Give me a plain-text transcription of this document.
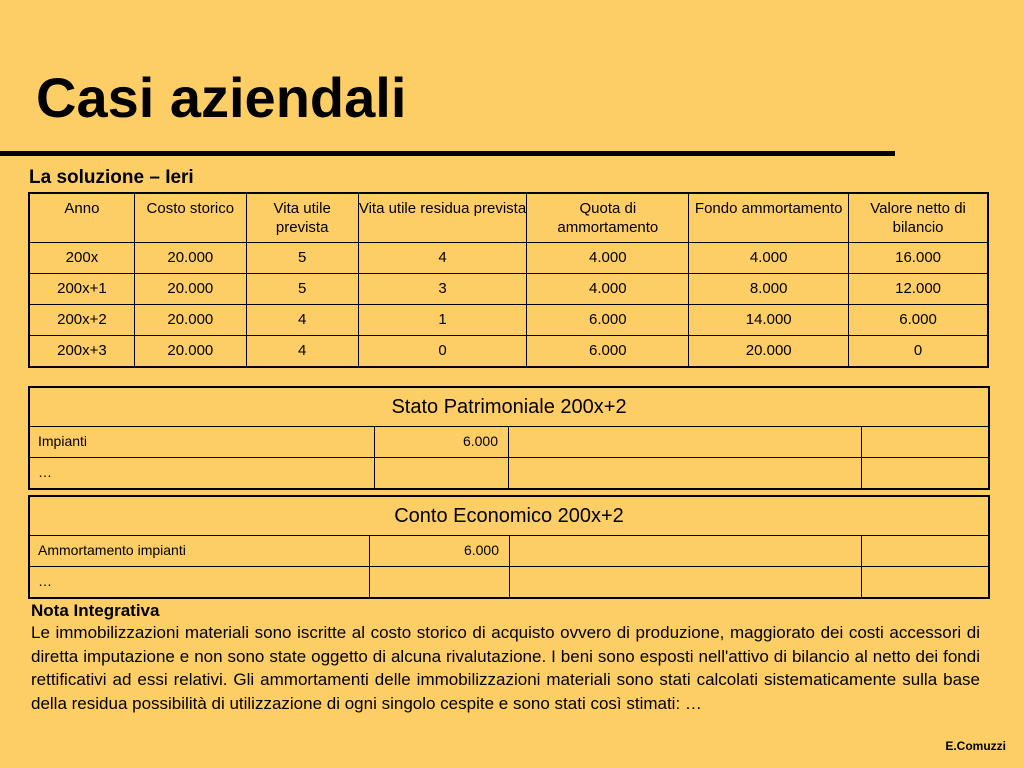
Casi aziendali
La soluzione – Ieri
Anno	Costo storico	Vita utile prevista	Vita utile residua prevista	Quota di ammortamento	Fondo ammortamento	Valore netto di bilancio
200x	20.000	5	4	4.000	4.000	16.000
200x+1	20.000	5	3	4.000	8.000	12.000
200x+2	20.000	4	1	6.000	14.000	6.000
200x+3	20.000	4	0	6.000	20.000	0
Stato Patrimoniale 200x+2			
Impianti	6.000		
…			
Conto Economico 200x+2			
Ammortamento impianti	6.000		
…			
Nota Integrativa
Le immobilizzazioni materiali sono iscritte al costo storico di acquisto ovvero di produzione, maggiorato dei costi accessori di diretta imputazione e non sono state oggetto di alcuna rivalutazione. I beni sono esposti nell'attivo di bilancio al netto dei fondi rettificativi ad essi relativi. Gli ammortamenti delle immobilizzazioni materiali sono stati calcolati sistematicamente sulla base della residua possibilità di utilizzazione di ogni singolo cespite e sono stati così stimati: …
E.Comuzzi
